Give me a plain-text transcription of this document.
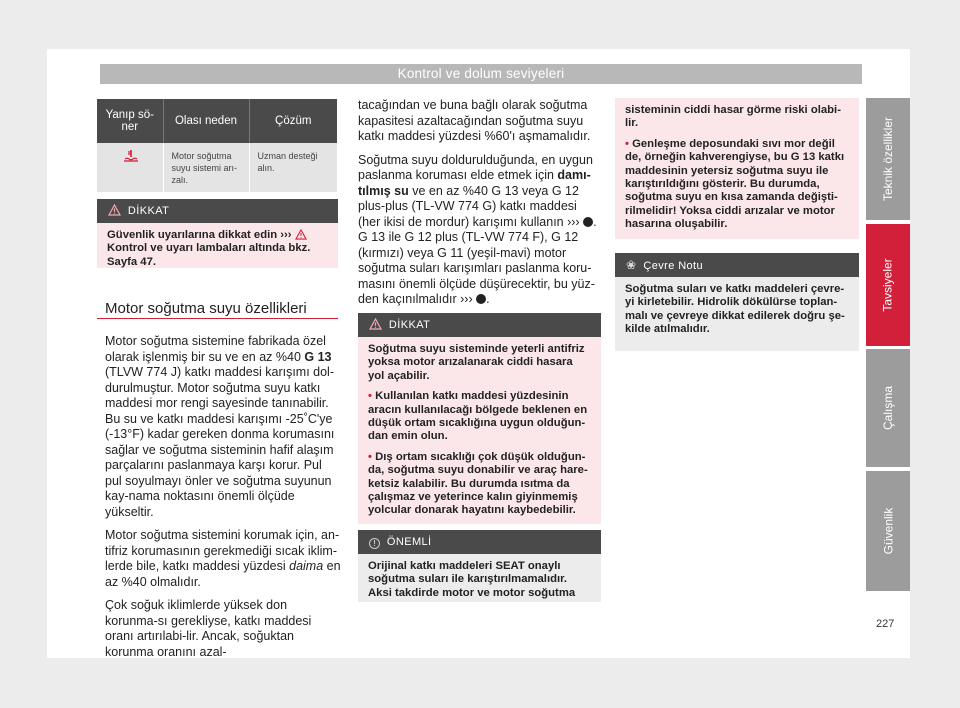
Kontrol ve dolum seviyeleri
Teknik özellikler
Tavsiyeler
Çalışma
Güvenlik
227
Yanıp sö-ner	Olası neden	Çözüm
	Motor soğutma suyu sistemi arı-zalı.	Uzman desteği alın.
DİKKAT
Güvenlik uyarılarına dikkat edin ›››
Kontrol ve uyarı lambaları altında bkz. Sayfa 47.
Motor soğutma suyu özellikleri

Motor soğutma sistemine fabrikada özel olarak işlenmiş bir su ve en az %40 G 13 (TLVW 774 J) katkı maddesi karışımı dol-durulmuştur. Motor soğutma suyu katkı maddesi mor rengi sayesinde tanınabilir. Bu su ve katkı maddesi karışımı -25˚C'ye (-13°F) kadar gereken donma korumasını sağlar ve soğutma sisteminin hafif alaşım parçalarını paslanmaya karşı korur. Pul pul soyulmayı önler ve soğutma suyunun kay-nama noktasını önemli ölçüde yükseltir.

Motor soğutma sistemini korumak için, an-tifriz korumasının gerekmediği sıcak iklim-lerde bile, katkı maddesi yüzdesi daima en az %40 olmalıdır.

Çok soğuk iklimlerde yüksek don korunma-sı gerekliyse, katkı maddesi oranı artırılabi-lir. Ancak, soğuktan korunma oranını azal-

tacağından ve buna bağlı olarak soğutma kapasitesi azaltacağından soğutma suyu katkı maddesi yüzdesi %60'ı aşmamalıdır.

Soğutma suyu doldurulduğunda, en uygun paslanma koruması elde etmek için damı-tılmış su ve en az %40 G 13 veya G 12 plus-plus (TL-VW 774 G) katkı maddesi (her ikisi de mordur) karışımı kullanın ››› . G 13 ile G 12 plus (TL-VW 774 F), G 12 (kırmızı) veya G 11 (yeşil-mavi) motor soğutma suları karışımları paslanma koru-masını önemli ölçüde düşürecektir, bu yüz-den kaçınılmalıdır ››› .

DİKKAT

Soğutma suyu sisteminde yeterli antifriz yoksa motor arızalanarak ciddi hasara yol açabilir.

• Kullanılan katkı maddesi yüzdesinin aracın kullanılacağı bölgede beklenen en düşük ortam sıcaklığına uygun olduğun-dan emin olun.

• Dış ortam sıcaklığı çok düşük olduğun-da, soğutma suyu donabilir ve araç hare-ketsiz kalabilir. Bu durumda ısıtma da çalışmaz ve yeterince kalın giyinmemiş yolcular donarak hayatını kaybedebilir.

! ÖNEMLİ
Orijinal katkı maddeleri SEAT onaylı soğutma suları ile karıştırılmamalıdır. Aksi takdirde motor ve motor soğutma

sisteminin ciddi hasar görme riski olabi-lir.

• Genleşme deposundaki sıvı mor değil de, örneğin kahverengiyse, bu G 13 katkı maddesinin yetersiz soğutma suyu ile karıştırıldığını gösterir. Bu durumda, soğutma suyu en kısa zamanda değişti-rilmelidir! Yoksa ciddi arızalar ve motor hasarına oluşabilir.

❀ Çevre Notu
Soğutma suları ve katkı maddeleri çevre-yi kirletebilir. Hidrolik dökülürse toplan-malı ve çevreye dikkat edilerek doğru şe-kilde atılmalıdır.
